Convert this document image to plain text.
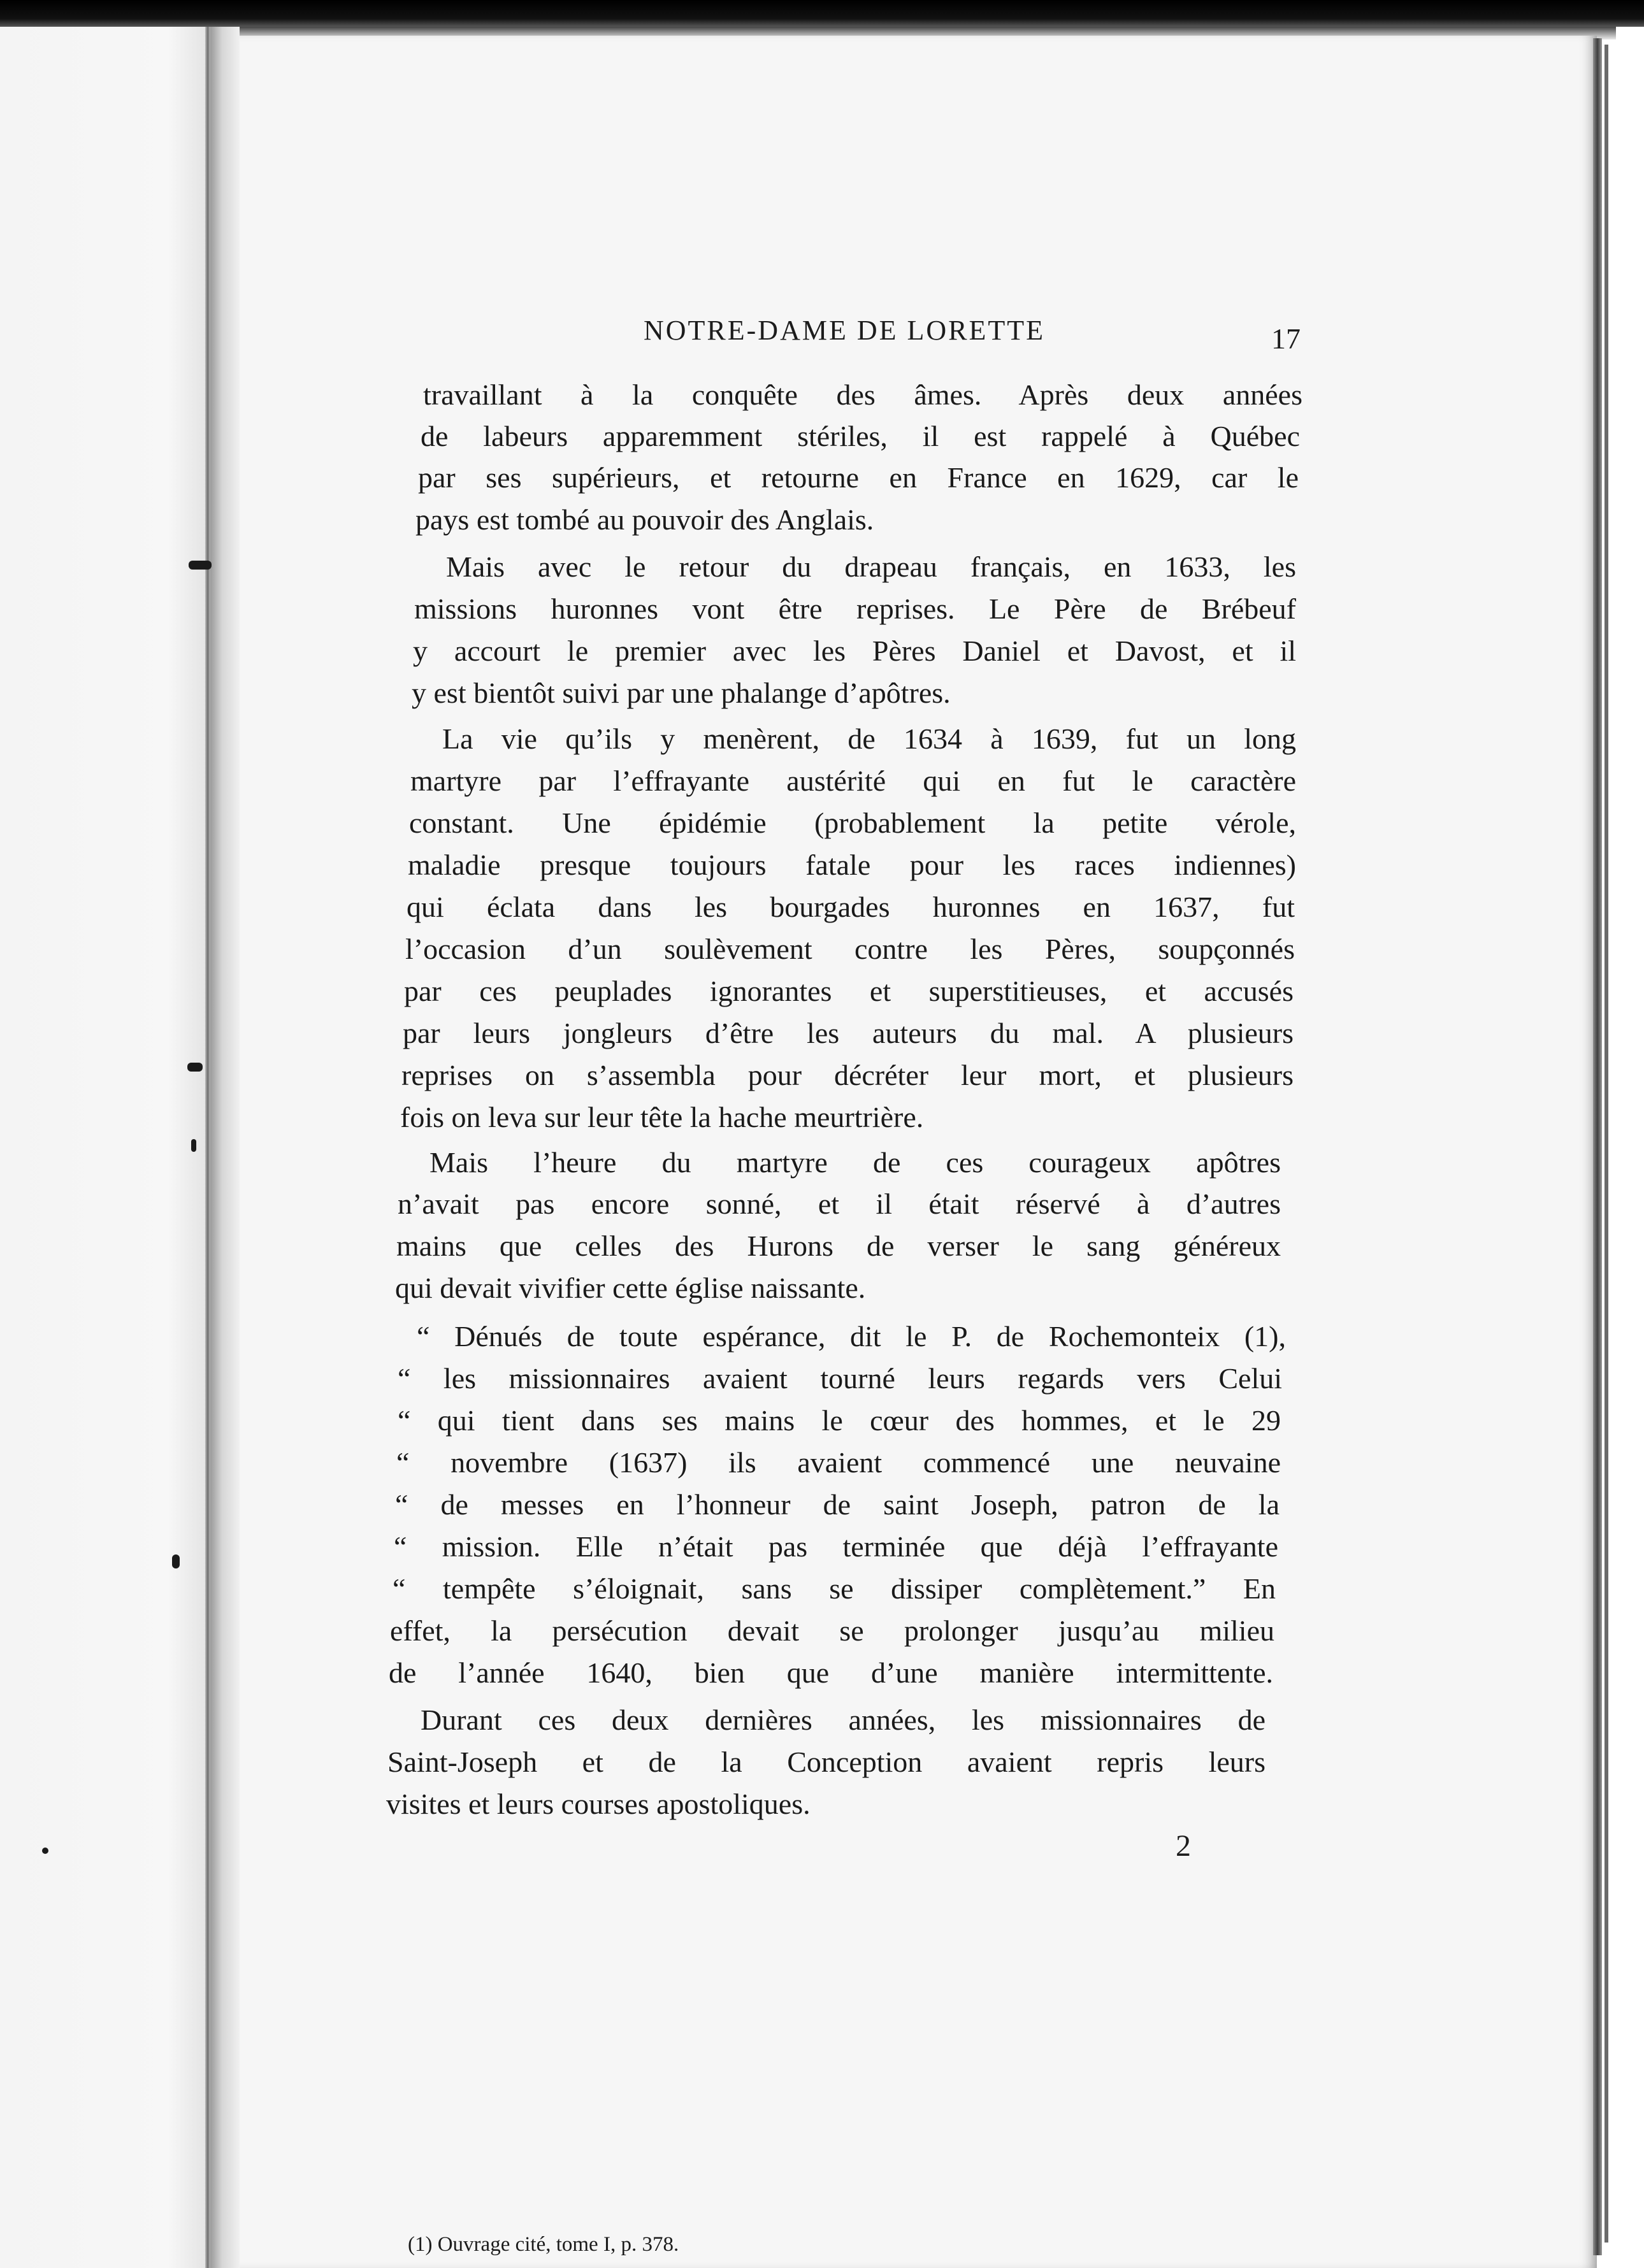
NOTRE-DAME DE LORETTE	17
travaillant à la conquête des âmes. Après deux années
de labeurs apparemment stériles, il est rappelé à Québec
par ses supérieurs, et retourne en France en 1629, car le
pays est tombé au pouvoir des Anglais.
Mais avec le retour du drapeau français, en 1633, les
missions huronnes vont être reprises. Le Père de Brébeuf
y accourt le premier avec les Pères Daniel et Davost, et il
y est bientôt suivi par une phalange d’apôtres.
La vie qu’ils y menèrent, de 1634 à 1639, fut un long
martyre par l’effrayante austérité qui en fut le caractère
constant. Une épidémie (probablement la petite vérole,
maladie presque toujours fatale pour les races indiennes)
qui éclata dans les bourgades huronnes en 1637, fut
l’occasion d’un soulèvement contre les Pères, soupçonnés
par ces peuplades ignorantes et superstitieuses, et accusés
par leurs jongleurs d’être les auteurs du mal. A plusieurs
reprises on s’assembla pour décréter leur mort, et plusieurs
fois on leva sur leur tête la hache meurtrière.
Mais l’heure du martyre de ces courageux apôtres
n’avait pas encore sonné, et il était réservé à d’autres
mains que celles des Hurons de verser le sang généreux
qui devait vivifier cette église naissante.
“ Dénués de toute espérance, dit le P. de Rochemonteix (1),
“ les missionnaires avaient tourné leurs regards vers Celui
“ qui tient dans ses mains le cœur des hommes, et le 29
“ novembre (1637) ils avaient commencé une neuvaine
“ de messes en l’honneur de saint Joseph, patron de la
“ mission. Elle n’était pas terminée que déjà l’effrayante
“ tempête s’éloignait, sans se dissiper complètement.” En
effet, la persécution devait se prolonger jusqu’au milieu
de l’année 1640, bien que d’une manière intermittente.
Durant ces deux dernières années, les missionnaires de
Saint-Joseph et de la Conception avaient repris leurs
visites et leurs courses apostoliques.
(1) Ouvrage cité, tome I, p. 378.
2
